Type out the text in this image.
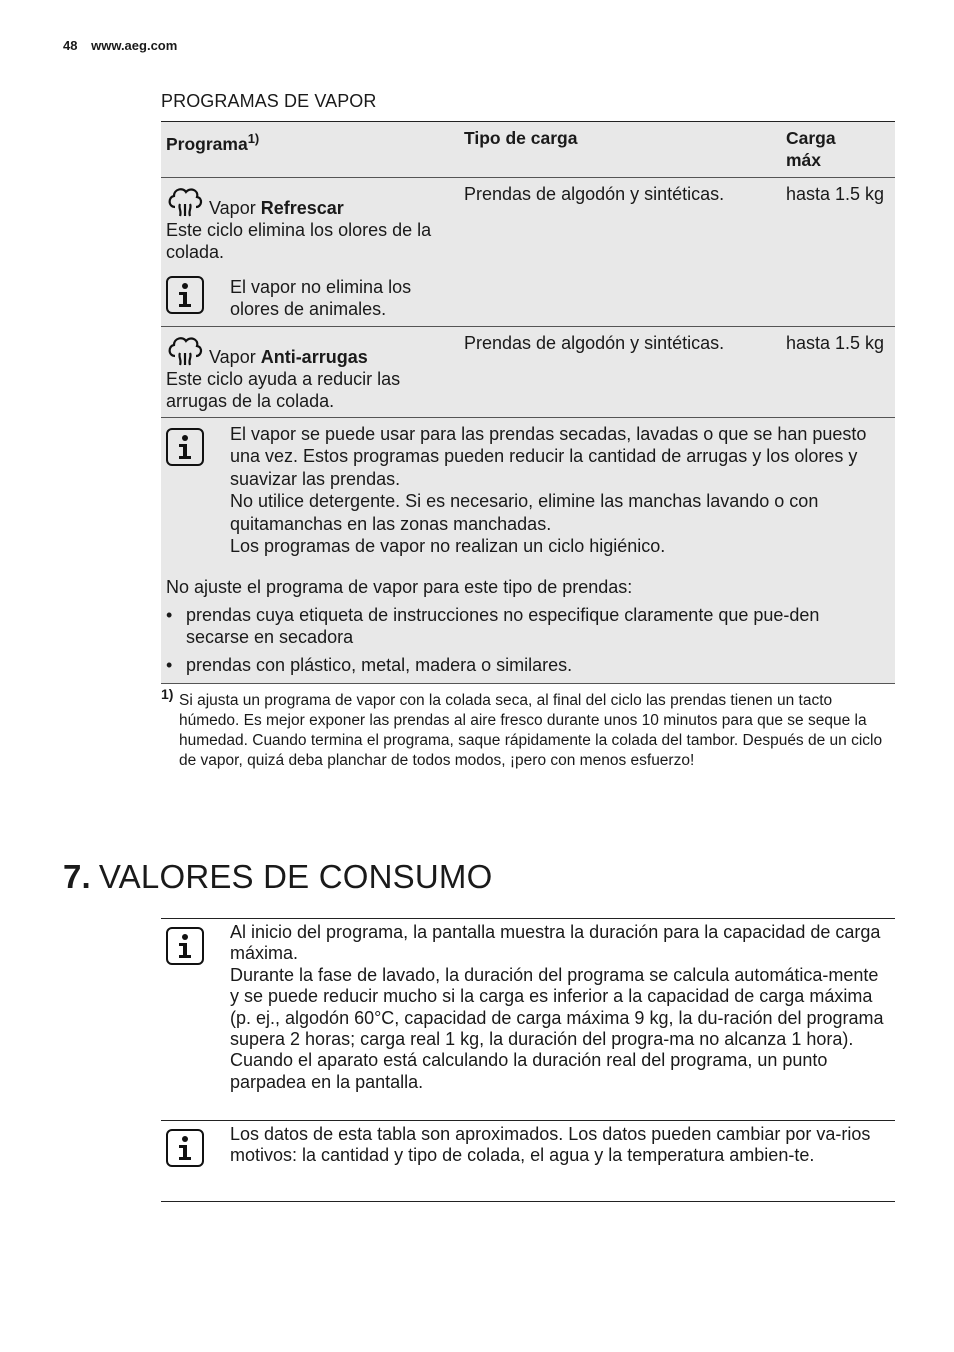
48 www.aeg.com
PROGRAMAS DE VAPOR
Programa$^{1)}$	Tipo de carga	Carga
máx
Vapor Refrescar
Este ciclo elimina los olores de la colada.
El vapor no elimina los olores de animales.
Prendas de algodón y sintéticas.	hasta 1.5 kg
Vapor Anti-arrugas
Este ciclo ayuda a reducir las arrugas de la colada.
Prendas de algodón y sintéticas.	hasta 1.5 kg
El vapor se puede usar para las prendas secadas, lavadas o que se han puesto una vez. Estos programas pueden reducir la cantidad de arrugas y los olores y suavizar las prendas.
No utilice detergente. Si es necesario, elimine las manchas lavando o con quitamanchas en las zonas manchadas.
Los programas de vapor no realizan un ciclo higiénico.
No ajuste el programa de vapor para este tipo de prendas:
• prendas cuya etiqueta de instrucciones no especifique claramente que pue-den secarse en secadora
• prendas con plástico, metal, madera o similares.
1) Si ajusta un programa de vapor con la colada seca, al final del ciclo las prendas tienen un tacto húmedo. Es mejor exponer las prendas al aire fresco durante unos 10 minutos para que se seque la humedad. Cuando termina el programa, saque rápidamente la colada del tambor. Después de un ciclo de vapor, quizá deba planchar de todos modos, ¡pero con menos esfuerzo!
7. VALORES DE CONSUMO
Al inicio del programa, la pantalla muestra la duración para la capacidad de carga máxima.
Durante la fase de lavado, la duración del programa se calcula automática-mente y se puede reducir mucho si la carga es inferior a la capacidad de carga máxima (p. ej., algodón 60°C, capacidad de carga máxima 9 kg, la du-ración del programa supera 2 horas; carga real 1 kg, la duración del progra-ma no alcanza 1 hora).
Cuando el aparato está calculando la duración real del programa, un punto parpadea en la pantalla.
Los datos de esta tabla son aproximados. Los datos pueden cambiar por va-rios motivos: la cantidad y tipo de colada, el agua y la temperatura ambien-te.
